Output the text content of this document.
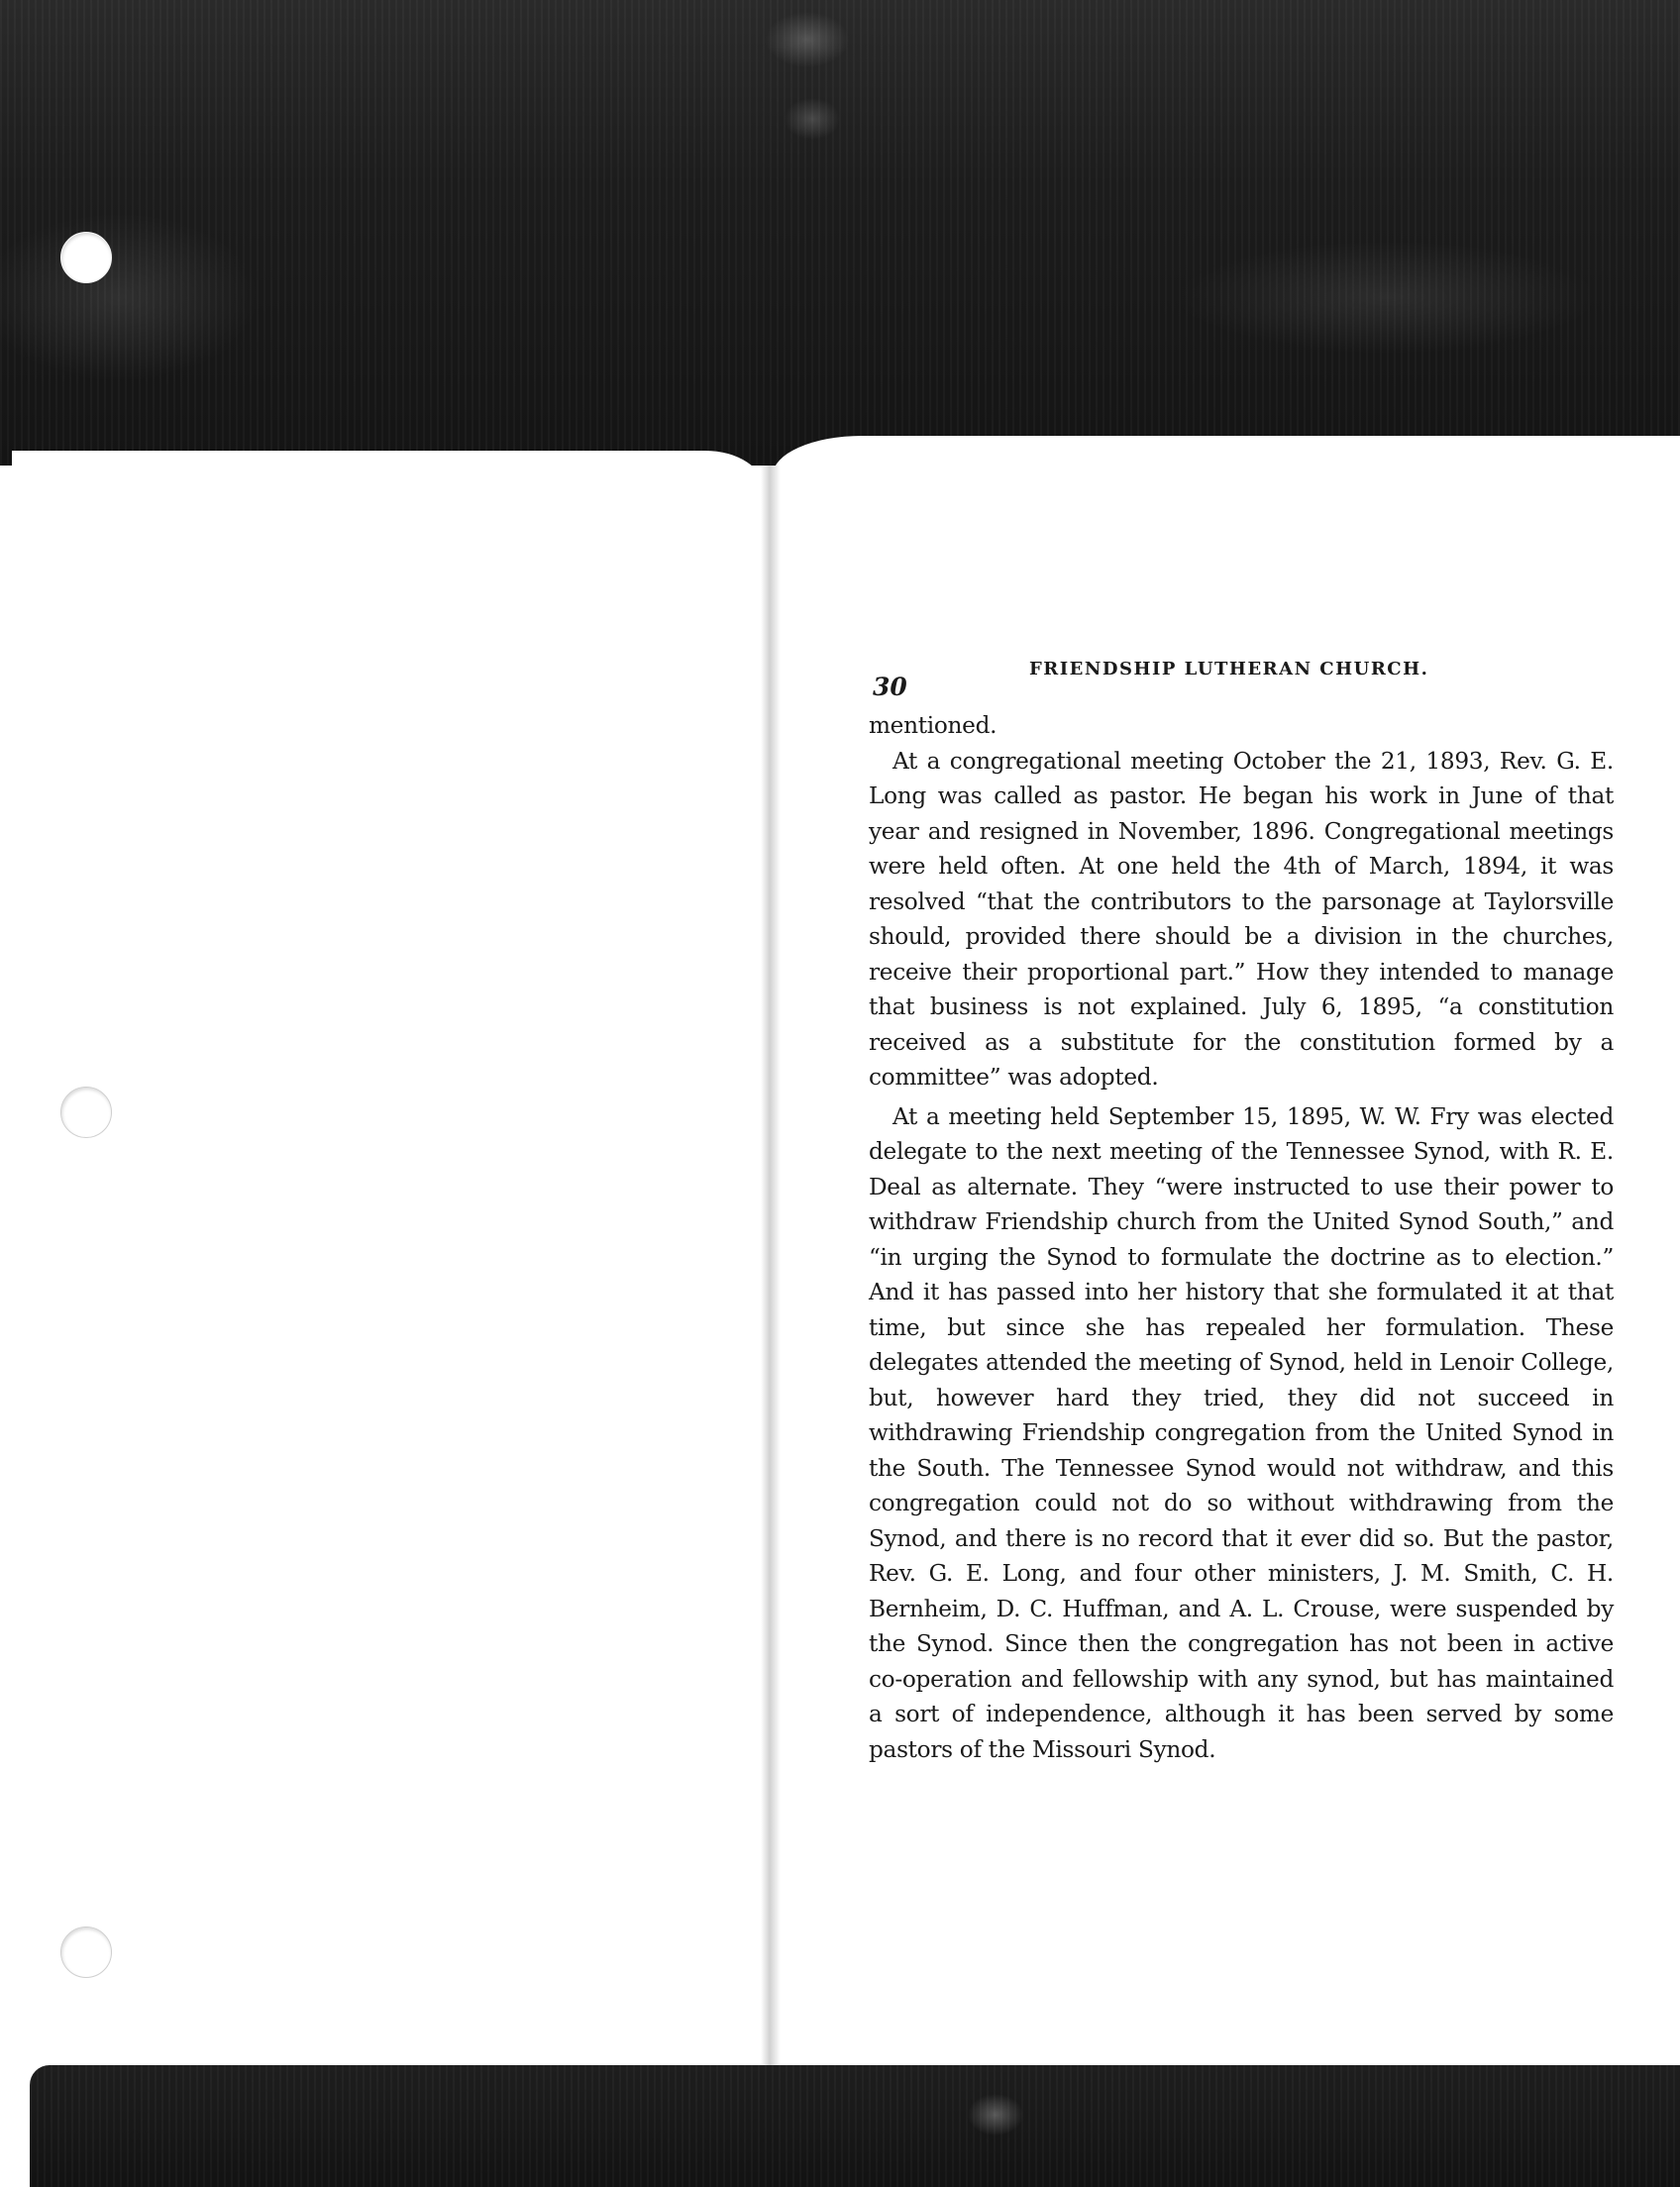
30
FRIENDSHIP LUTHERAN CHURCH.

mentioned.

At a congregational meeting October the 21, 1893, Rev. G. E. Long was called as pastor. He began his work in June of that year and resigned in November, 1896. Congregational meetings were held often. At one held the 4th of March, 1894, it was resolved “that the contributors to the parsonage at Taylorsville should, provided there should be a division in the churches, receive their proportional part.” How they intended to manage that business is not explained. July 6, 1895, “a constitution received as a substitute for the constitution formed by a committee” was adopted.

At a meeting held September 15, 1895, W. W. Fry was elected delegate to the next meeting of the Tennessee Synod, with R. E. Deal as alternate. They “were instructed to use their power to withdraw Friendship church from the United Synod South,” and “in urging the Synod to formulate the doctrine as to election.” And it has passed into her history that she formulated it at that time, but since she has repealed her formulation. These delegates attended the meeting of Synod, held in Lenoir College, but, however hard they tried, they did not succeed in withdrawing Friendship congregation from the United Synod in the South. The Tennessee Synod would not withdraw, and this congregation could not do so without withdrawing from the Synod, and there is no record that it ever did so. But the pastor, Rev. G. E. Long, and four other ministers, J. M. Smith, C. H. Bernheim, D. C. Huffman, and A. L. Crouse, were suspended by the Synod. Since then the congregation has not been in active co-operation and fellowship with any synod, but has maintained a sort of independence, although it has been served by some pastors of the Missouri Synod.
